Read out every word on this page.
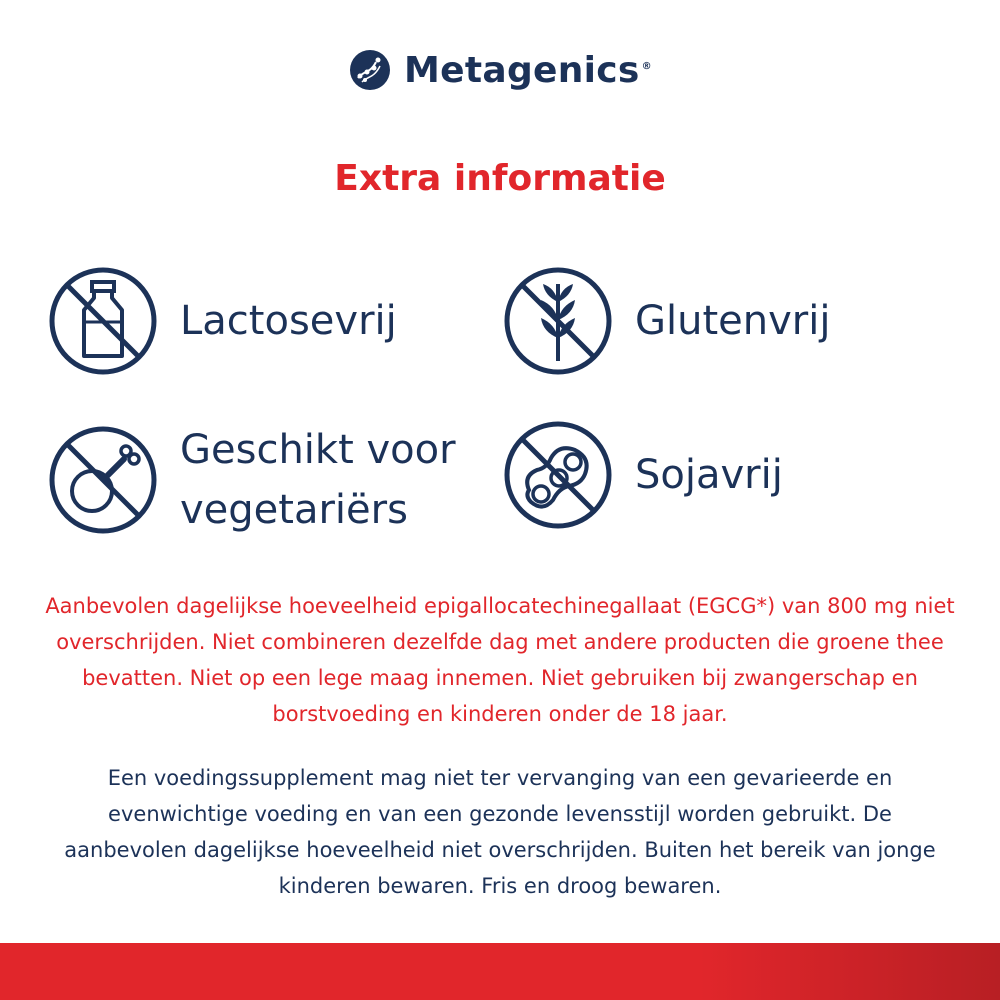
Metagenics ®
Extra informatie
Lactosevrij	Glutenvrij
Geschikt voor
vegetariërs
Sojavrij

Aanbevolen dagelijkse hoeveelheid epigallocatechinegallaat (EGCG*) van 800 mg niet overschrijden. Niet combineren dezelfde dag met andere producten die groene thee bevatten. Niet op een lege maag innemen. Niet gebruiken bij zwangerschap en borstvoeding en kinderen onder de 18 jaar.

Een voedingssupplement mag niet ter vervanging van een gevarieerde en evenwichtige voeding en van een gezonde levensstijl worden gebruikt. De aanbevolen dagelijkse hoeveelheid niet overschrijden. Buiten het bereik van jonge kinderen bewaren. Fris en droog bewaren.
